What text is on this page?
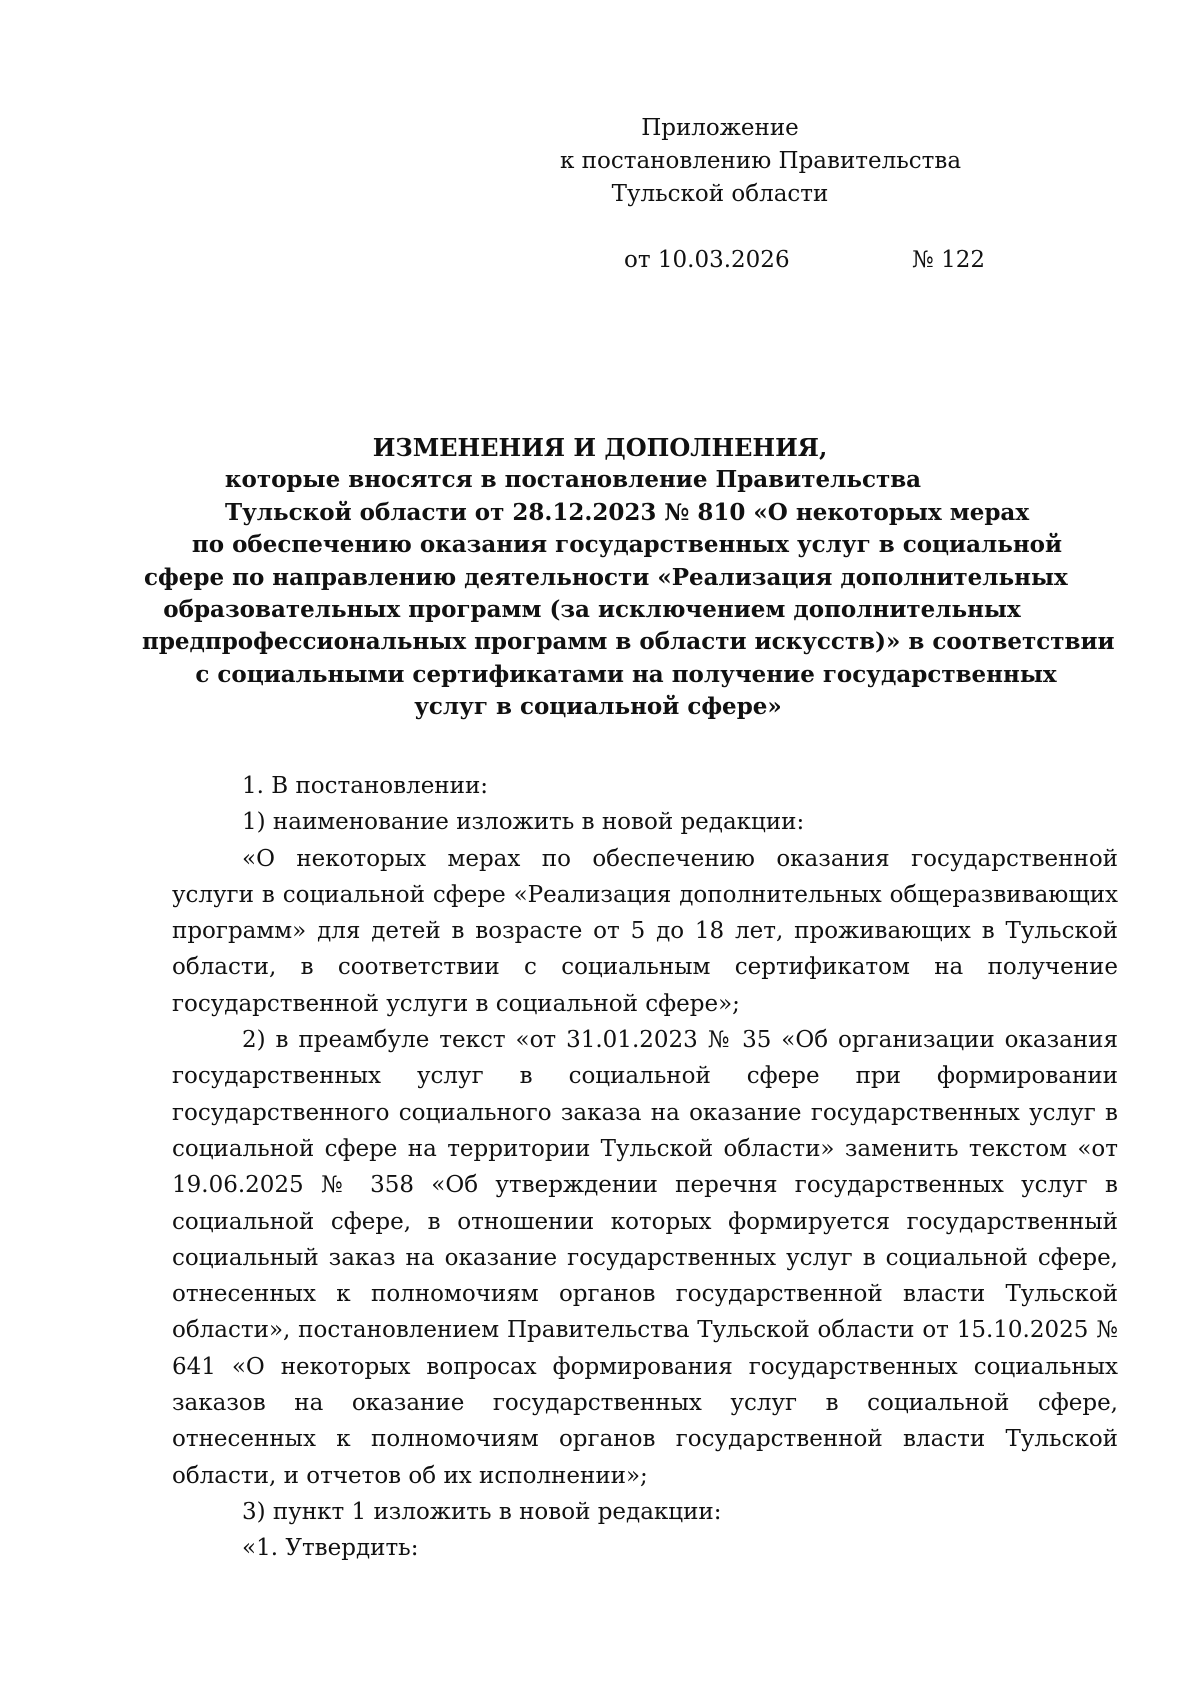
Приложение
к постановлению Правительства
Тульской области
от 10.03.2026	№ 122
ИЗМЕНЕНИЯ И ДОПОЛНЕНИЯ,
которые вносятся в постановление Правительства
Тульской области от 28.12.2023 № 810 «О некоторых мерах
по обеспечению оказания государственных услуг в социальной
сфере по направлению деятельности «Реализация дополнительных
образовательных программ (за исключением дополнительных
предпрофессиональных программ в области искусств)» в соответствии
с социальными сертификатами на получение государственных
услуг в социальной сфере»

1. В постановлении:

1) наименование изложить в новой редакции:

«О некоторых мерах по обеспечению оказания государственной услуги в социальной сфере «Реализация дополнительных общеразвивающих программ» для детей в возрасте от 5 до 18 лет, проживающих в Тульской области, в соответствии с социальным сертификатом на получение государственной услуги в социальной сфере»;

2) в преамбуле текст «от 31.01.2023 № 35 «Об организации оказания государственных услуг в социальной сфере при формировании государственного социального заказа на оказание государственных услуг в социальной сфере на территории Тульской области» заменить текстом «от 19.06.2025 № 358 «Об утверждении перечня государственных услуг в социальной сфере, в отношении которых формируется государственный социальный заказ на оказание государственных услуг в социальной сфере, отнесенных к полномочиям органов государственной власти Тульской области», постановлением Правительства Тульской области от 15.10.2025 № 641 «О некоторых вопросах формирования государственных социальных заказов на оказание государственных услуг в социальной сфере, отнесенных к полномочиям органов государственной власти Тульской области, и отчетов об их исполнении»;

3) пункт 1 изложить в новой редакции:

«1. Утвердить:
